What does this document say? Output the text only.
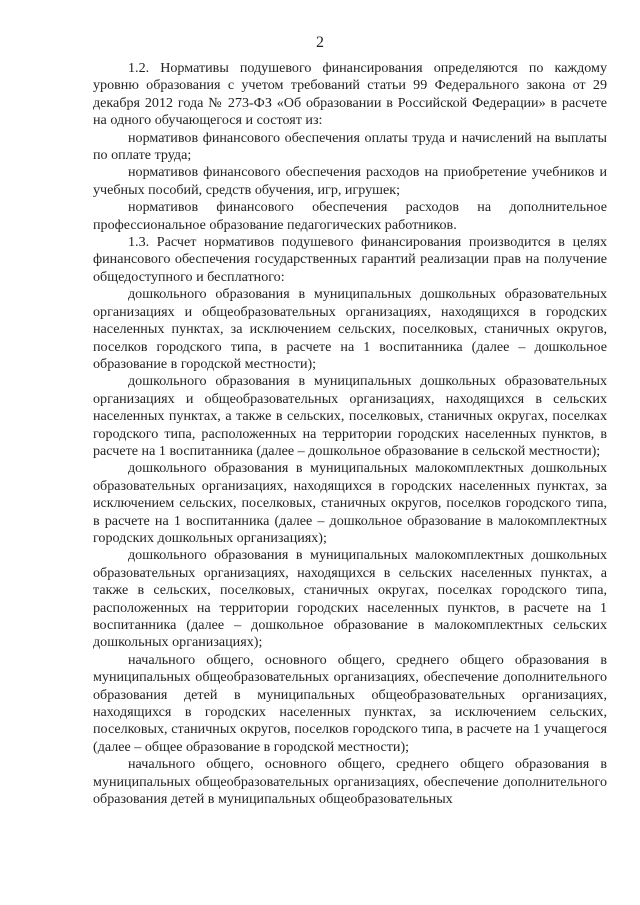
2

1.2. Нормативы подушевого финансирования определяются по каждому уровню образования с учетом требований статьи 99 Федерального закона от 29 декабря 2012 года № 273-ФЗ «Об образовании в Российской Федерации» в расчете на одного обучающегося и состоят из:

нормативов финансового обеспечения оплаты труда и начислений на выплаты по оплате труда;

нормативов финансового обеспечения расходов на приобретение учебников и учебных пособий, средств обучения, игр, игрушек;

нормативов финансового обеспечения расходов на дополнительное профессиональное образование педагогических работников.

1.3. Расчет нормативов подушевого финансирования производится в целях финансового обеспечения государственных гарантий реализации прав на получение общедоступного и бесплатного:

дошкольного образования в муниципальных дошкольных образовательных организациях и общеобразовательных организациях, находящихся в городских населенных пунктах, за исключением сельских, поселковых, станичных округов, поселков городского типа, в расчете на 1 воспитанника (далее – дошкольное образование в городской местности);

дошкольного образования в муниципальных дошкольных образовательных организациях и общеобразовательных организациях, находящихся в сельских населенных пунктах, а также в сельских, поселковых, станичных округах, поселках городского типа, расположенных на территории городских населенных пунктов, в расчете на 1 воспитанника (далее – дошкольное образование в сельской местности);

дошкольного образования в муниципальных малокомплектных дошкольных образовательных организациях, находящихся в городских населенных пунктах, за исключением сельских, поселковых, станичных округов, поселков городского типа, в расчете на 1 воспитанника (далее – дошкольное образование в малокомплектных городских дошкольных организациях);

дошкольного образования в муниципальных малокомплектных дошкольных образовательных организациях, находящихся в сельских населенных пунктах, а также в сельских, поселковых, станичных округах, поселках городского типа, расположенных на территории городских населенных пунктов, в расчете на 1 воспитанника (далее – дошкольное образование в малокомплектных сельских дошкольных организациях);

начального общего, основного общего, среднего общего образования в муниципальных общеобразовательных организациях, обеспечение дополнительного образования детей в муниципальных общеобразовательных организациях, находящихся в городских населенных пунктах, за исключением сельских, поселковых, станичных округов, поселков городского типа, в расчете на 1 учащегося (далее – общее образование в городской местности);

начального общего, основного общего, среднего общего образования в муниципальных общеобразовательных организациях, обеспечение дополнительного образования детей в муниципальных общеобразовательных
